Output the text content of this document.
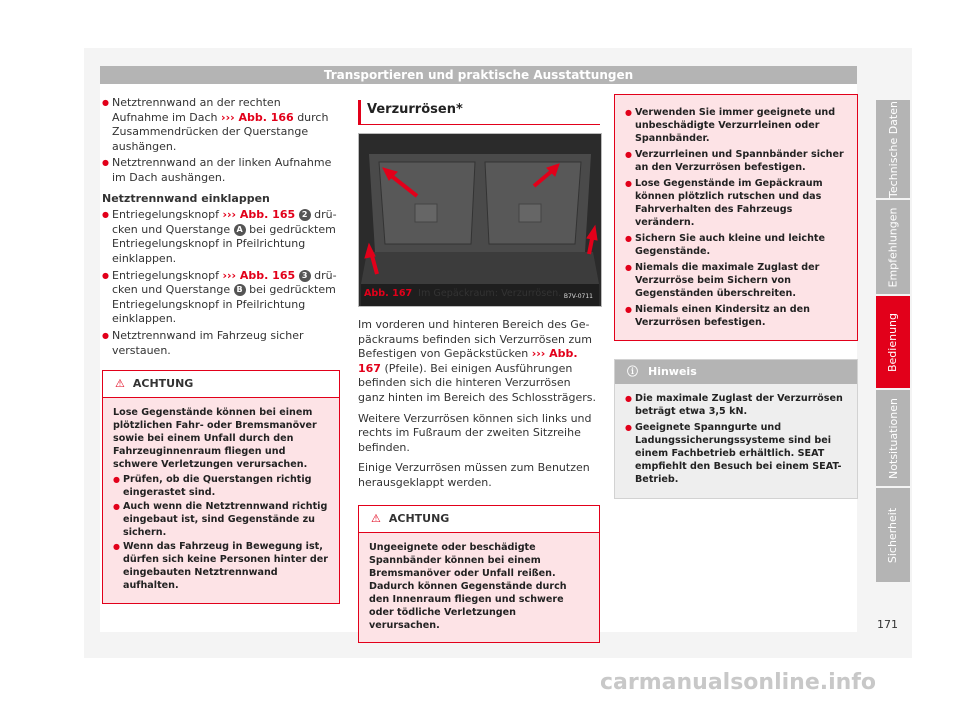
Transportieren und praktische Ausstattungen
● Netztrennwand an der rechten Aufnahme im Dach ››› Abb. 166 durch Zusammendrücken der Querstange aushängen.
● Netztrennwand an der linken Aufnahme im Dach aushängen.
Netztrennwand einklappen
● Entriegelungsknopf ››› Abb. 165 2 drücken und Querstange A bei gedrücktem Entriegelungsknopf in Pfeilrichtung einklappen.
● Entriegelungsknopf ››› Abb. 165 3 drücken und Querstange B bei gedrücktem Entriegelungsknopf in Pfeilrichtung einklappen.
● Netztrennwand im Fahrzeug sicher verstauen.
⚠ ACHTUNG
Lose Gegenstände können bei einem plötzlichen Fahr- oder Bremsmanöver sowie bei einem Unfall durch den Fahrzeuginnenraum fliegen und schwere Verletzungen verursachen.
● Prüfen, ob die Querstangen richtig eingerastet sind.
● Auch wenn die Netztrennwand richtig eingebaut ist, sind Gegenstände zu sichern.
● Wenn das Fahrzeug in Bewegung ist, dürfen sich keine Personen hinter der eingebauten Netztrennwand aufhalten.
Verzurrösen*
B7V-0711
Abb. 167 Im Gepäckraum: Verzurrösen.

Im vorderen und hinteren Bereich des Gepäckraums befinden sich Verzurrösen zum Befestigen von Gepäckstücken ››› Abb. 167 (Pfeile). Bei einigen Ausführungen befinden sich die hinteren Verzurrösen ganz hinten im Bereich des Schlossträgers.

Weitere Verzurrösen können sich links und rechts im Fußraum der zweiten Sitzreihe befinden.

Einige Verzurrösen müssen zum Benutzen herausgeklappt werden.

⚠ ACHTUNG
Ungeeignete oder beschädigte Spannbänder können bei einem Bremsmanöver oder Unfall reißen. Dadurch können Gegenstände durch den Innenraum fliegen und schwere oder tödliche Verletzungen verursachen.
● Verwenden Sie immer geeignete und unbeschädigte Verzurrleinen oder Spannbänder.
● Verzurrleinen und Spannbänder sicher an den Verzurrösen befestigen.
● Lose Gegenstände im Gepäckraum können plötzlich rutschen und das Fahrverhalten des Fahrzeugs verändern.
● Sichern Sie auch kleine und leichte Gegenstände.
● Niemals die maximale Zuglast der Verzurröse beim Sichern von Gegenständen überschreiten.
● Niemals einen Kindersitz an den Verzurrösen befestigen.
ⓘ Hinweis
● Die maximale Zuglast der Verzurrösen beträgt etwa 3,5 kN.
● Geeignete Spanngurte und Ladungssicherungssysteme sind bei einem Fachbetrieb erhältlich. SEAT empfiehlt den Besuch bei einem SEAT-Betrieb.
Technische Daten
Empfehlungen
Bedienung
Notsituationen
Sicherheit
171
carmanualsonline.info
